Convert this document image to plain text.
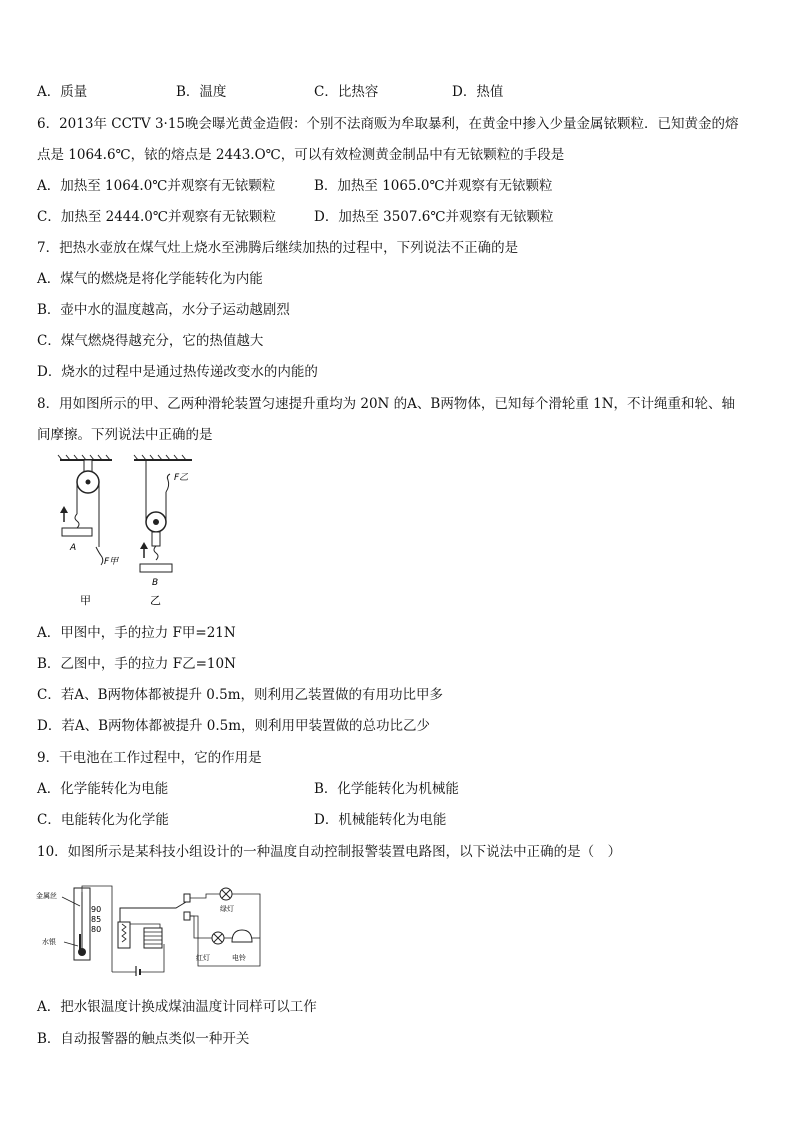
A．质量	B．温度	C．比热容	D．热值
6．2013年 CCTV 3·15晚会曝光黄金造假：个别不法商贩为牟取暴利，在黄金中掺入少量金属铱颗粒．已知黄金的熔
点是 1064.6℃，铱的熔点是 2443.O℃，可以有效检测黄金制品中有无铱颗粒的手段是
A．加热至 1064.0℃并观察有无铱颗粒	B．加热至 1065.0℃并观察有无铱颗粒
C．加热至 2444.0℃并观察有无铱颗粒	D．加热至 3507.6℃并观察有无铱颗粒
7．把热水壶放在煤气灶上烧水至沸腾后继续加热的过程中，下列说法不正确的是
A．煤气的燃烧是将化学能转化为内能
B．壶中水的温度越高，水分子运动越剧烈
C．煤气燃烧得越充分，它的热值越大
D．烧水的过程中是通过热传递改变水的内能的
8．用如图所示的甲、乙两种滑轮装置匀速提升重均为 20N 的A、B两物体，已知每个滑轮重 1N，不计绳重和轮、轴
间摩擦。下列说法中正确的是
A
F甲
甲
B
F乙
乙
A．甲图中，手的拉力 F甲=21N
B．乙图中，手的拉力 F乙=10N
C．若A、B两物体都被提升 0.5m，则利用乙装置做的有用功比甲多
D．若A、B两物体都被提升 0.5m，则利用甲装置做的总功比乙少
9．干电池在工作过程中，它的作用是
A．化学能转化为电能	B．化学能转化为机械能
C．电能转化为化学能	D．机械能转化为电能
10．如图所示是某科技小组设计的一种温度自动控制报警装置电路图，以下说法中正确的是（　）
90
85
80
金属丝
水银
绿灯
红灯	电铃
A．把水银温度计换成煤油温度计同样可以工作
B．自动报警器的触点类似一种开关
